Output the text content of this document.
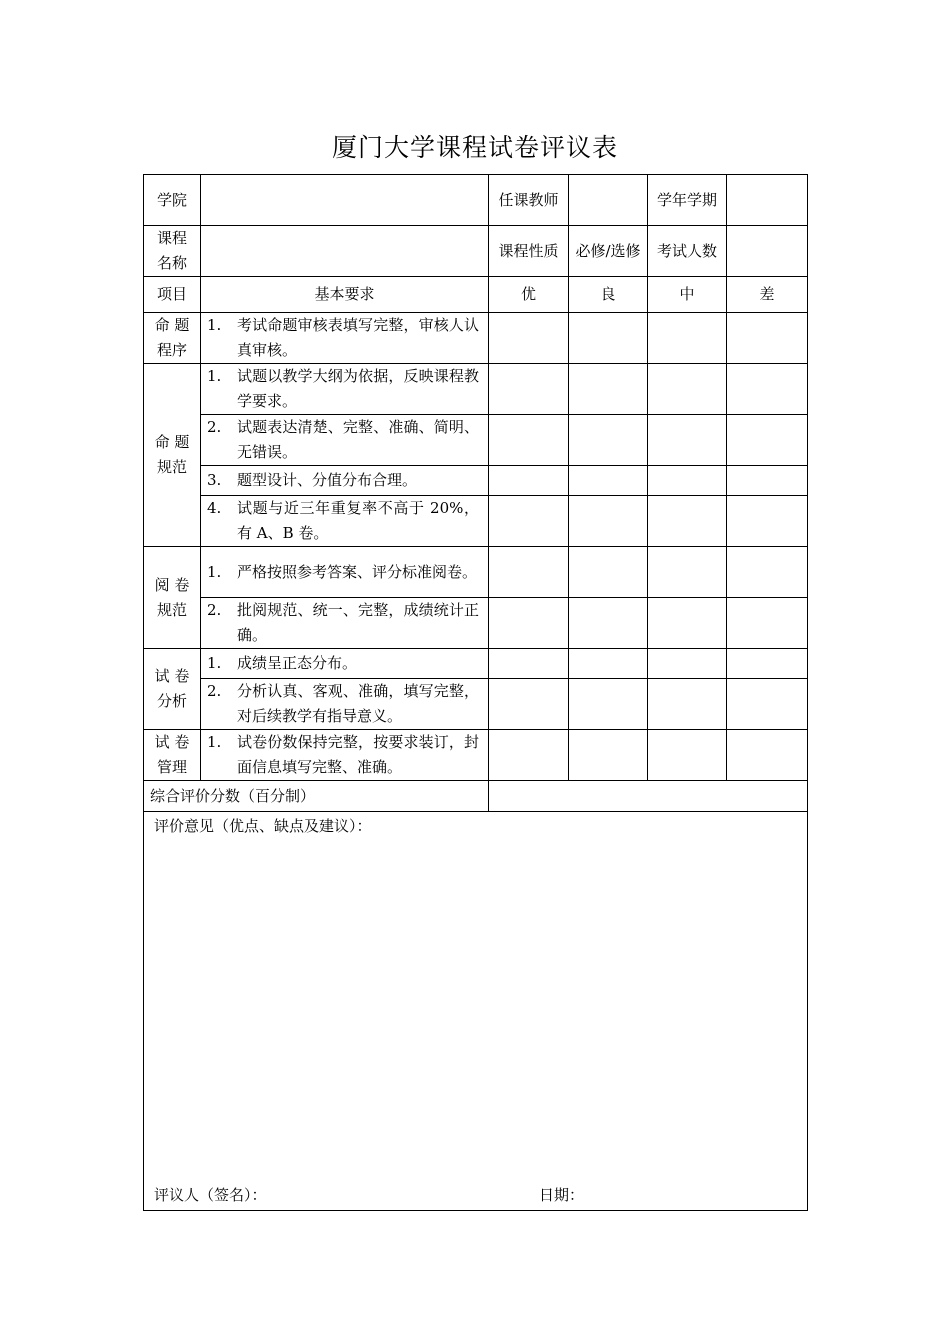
厦门大学课程试卷评议表
学院		任课教师		学年学期	
课程名称		课程性质	必修/选修	考试人数	
项目	基本要求	优	良	中	差
命 题 程序	1. 考试命题审核表填写完整，审核人认真审核。				
命 题 规范	1. 试题以教学大纲为依据，反映课程教学要求。				
	2. 试题表达清楚、完整、准确、简明、无错误。				
	3. 题型设计、分值分布合理。				
	4. 试题与近三年重复率不高于 20%，有 A、B 卷。				
阅 卷 规范	1. 严格按照参考答案、评分标准阅卷。				
	2. 批阅规范、统一、完整，成绩统计正确。				
试 卷 分析	1. 成绩呈正态分布。				
	2. 分析认真、客观、准确，填写完整，对后续教学有指导意义。				
试 卷 管理	1. 试卷份数保持完整，按要求装订，封面信息填写完整、准确。				
综合评价分数（百分制）					

评价意见（优点、缺点及建议）：
评议人（签名）： 日期：					
